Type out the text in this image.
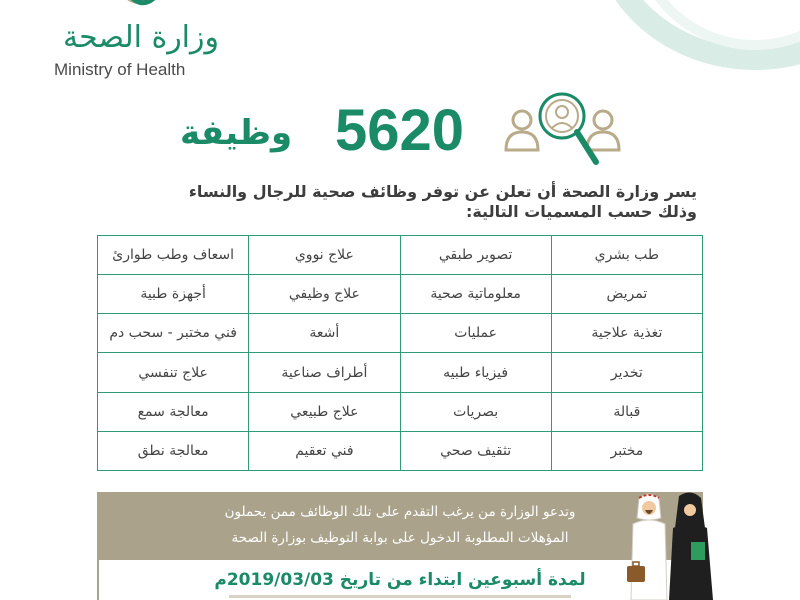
وزارة الصحة
Ministry of Health
وظيفة 5620
يسر وزارة الصحة أن تعلن عن توفر وظائف صحية للرجال والنساء
وذلك حسب المسميات التالية:
طب بشري	تصوير طبقي	علاج نووي	اسعاف وطب طوارئ
تمريض	معلوماتية صحية	علاج وظيفي	أجهزة طبية
تغذية علاجية	عمليات	أشعة	فني مختبر - سحب دم
تخدير	فيزياء طبيه	أطراف صناعية	علاج تنفسي
قبالة	بصريات	علاج طبيعي	معالجة سمع
مختبر	تثقيف صحي	فني تعقيم	معالجة نطق
وتدعو الوزارة من يرغب التقدم على تلك الوظائف ممن يحملون
المؤهلات المطلوبة الدخول على بوابة التوظيف بوزارة الصحة
لمدة أسبوعين ابتداء من تاريخ 2019/03/03م
